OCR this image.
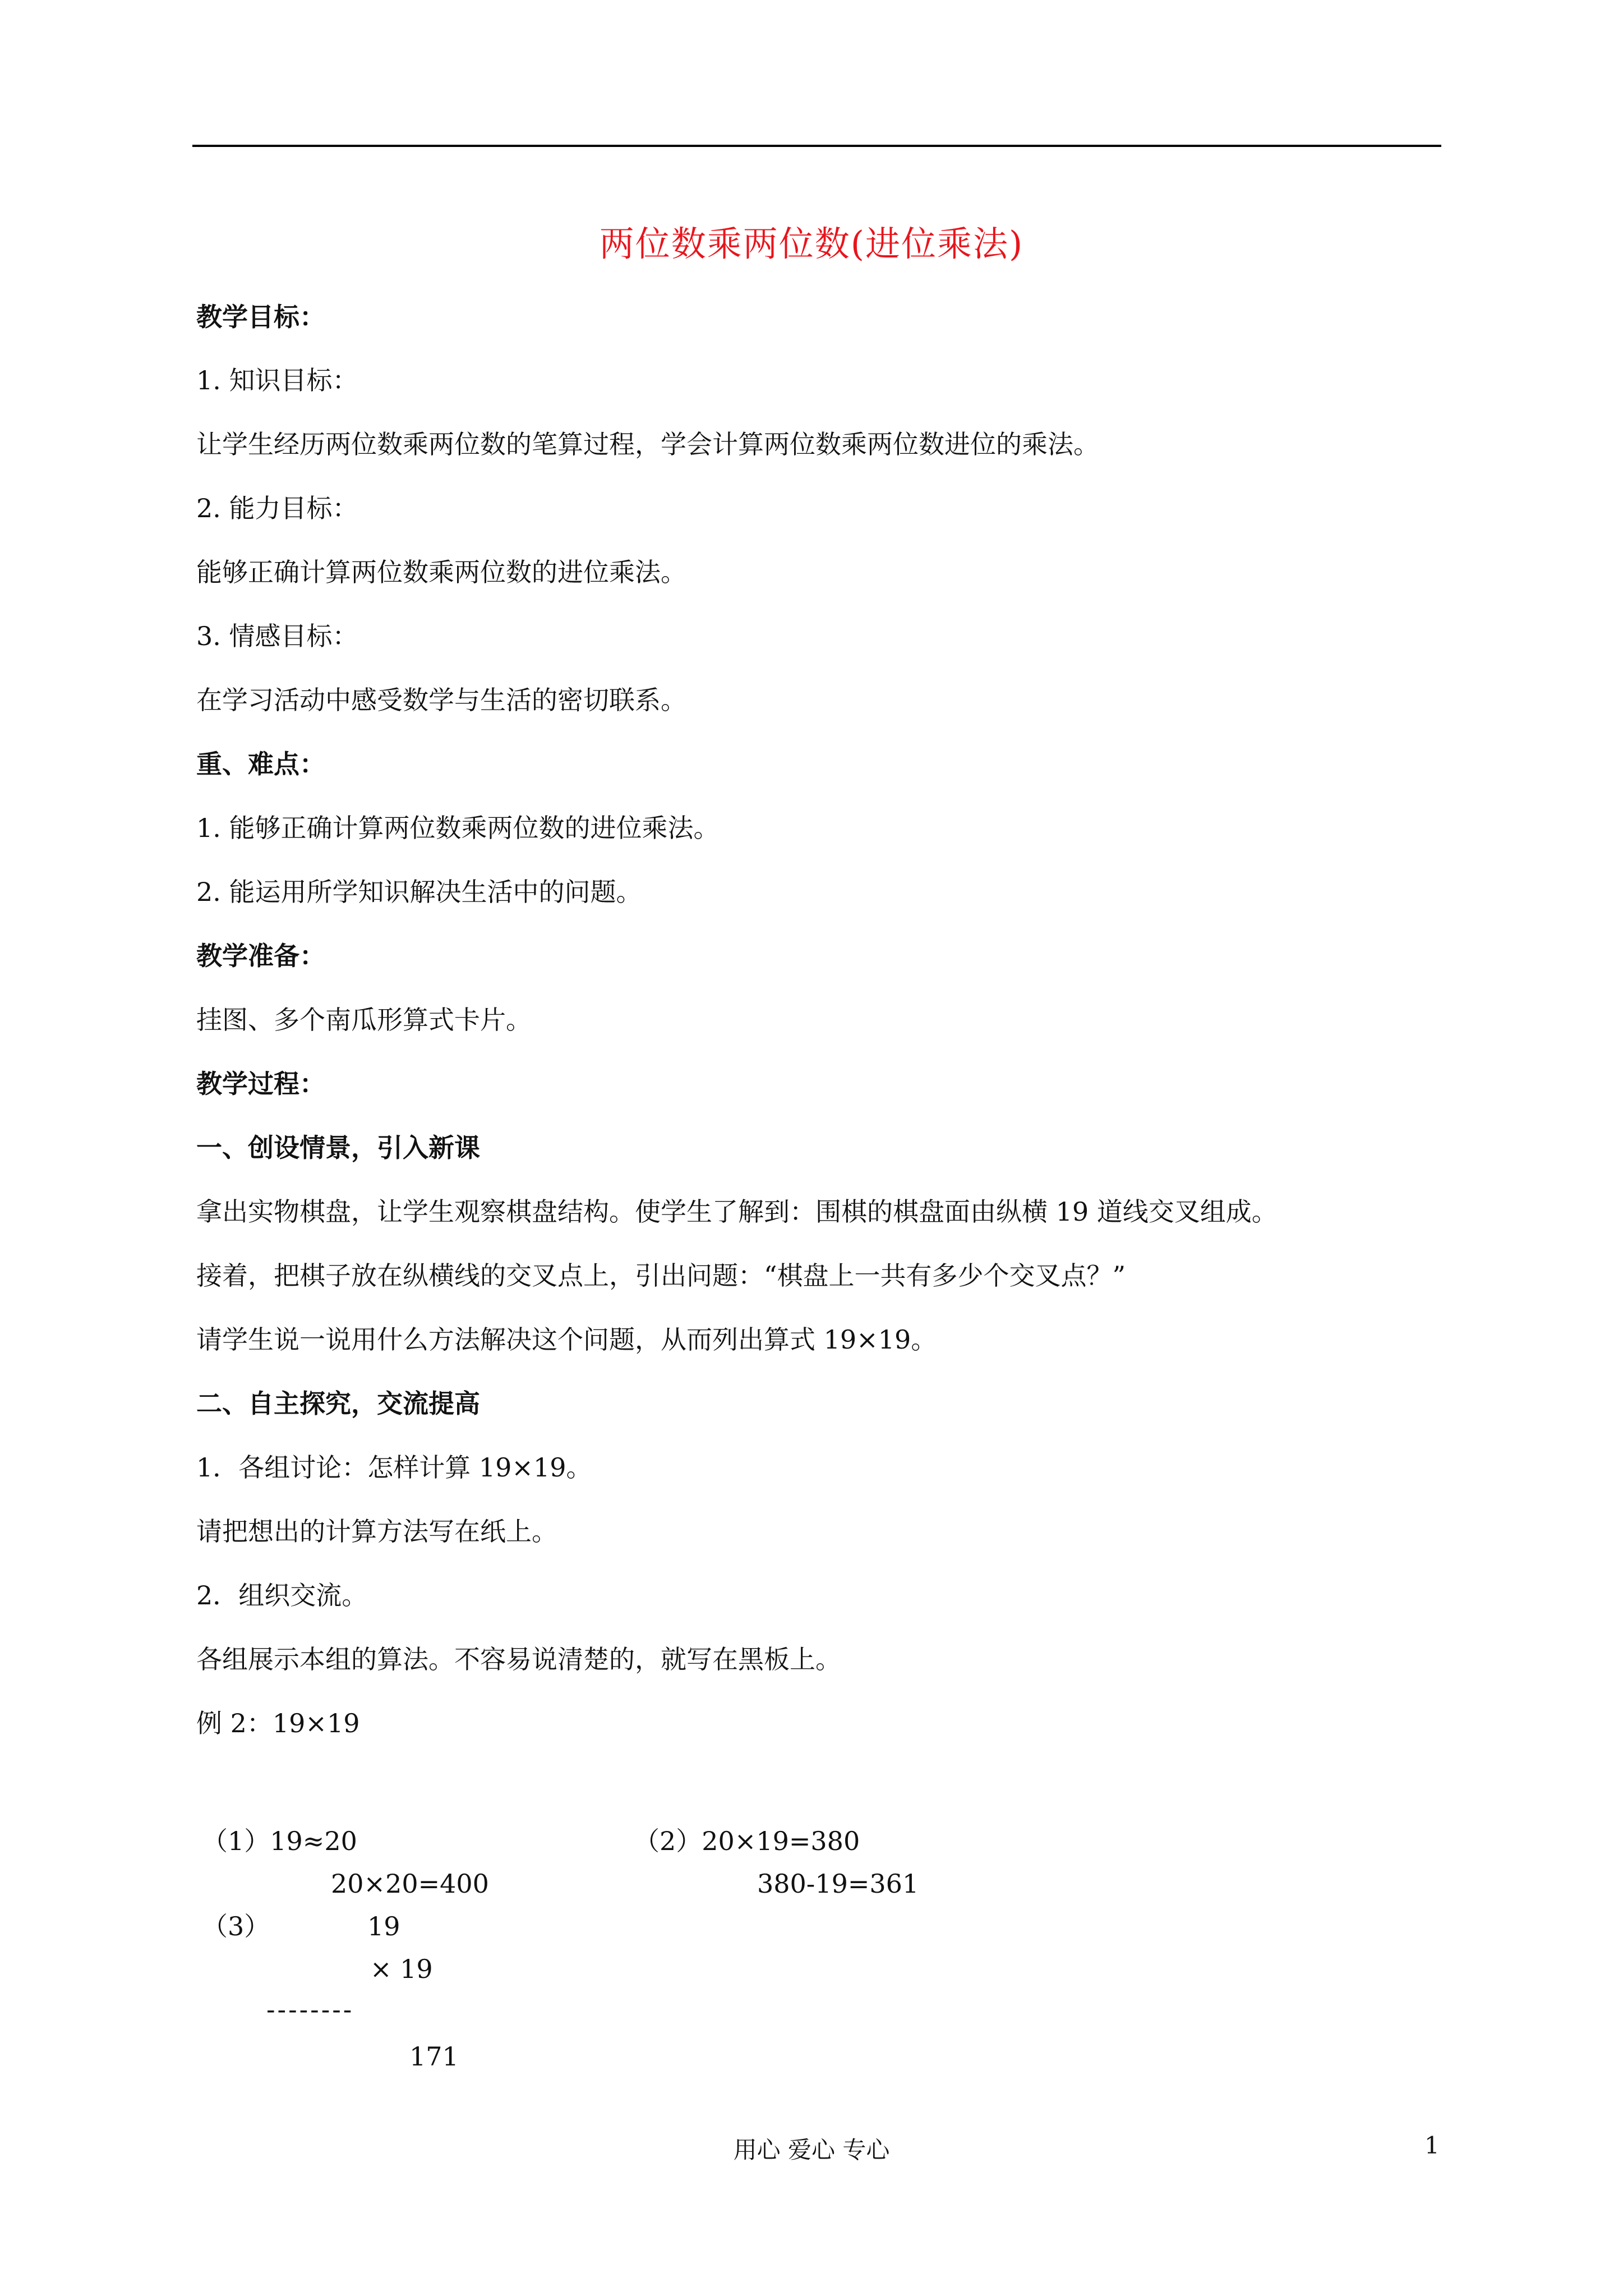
两位数乘两位数(进位乘法)
教学目标：
1. 知识目标：
让学生经历两位数乘两位数的笔算过程，学会计算两位数乘两位数进位的乘法。
2. 能力目标：
能够正确计算两位数乘两位数的进位乘法。
3. 情感目标：
在学习活动中感受数学与生活的密切联系。
重、难点：
1. 能够正确计算两位数乘两位数的进位乘法。
2. 能运用所学知识解决生活中的问题。
教学准备：
挂图、多个南瓜形算式卡片。
教学过程：
一、创设情景，引入新课
拿出实物棋盘，让学生观察棋盘结构。使学生了解到：围棋的棋盘面由纵横 19 道线交叉组成。
接着，把棋子放在纵横线的交叉点上，引出问题：“棋盘上一共有多少个交叉点？”
请学生说一说用什么方法解决这个问题，从而列出算式 19×19。
二、自主探究，交流提高
1．各组讨论：怎样计算 19×19。
请把想出的计算方法写在纸上。
2．组织交流。
各组展示本组的算法。不容易说清楚的，就写在黑板上。
例 2：19×19
（1）19≈20
20×20=400
（2）20×19=380
380-19=361
（3）	19
× 19
--------
171
用心 爱心 专心	1
